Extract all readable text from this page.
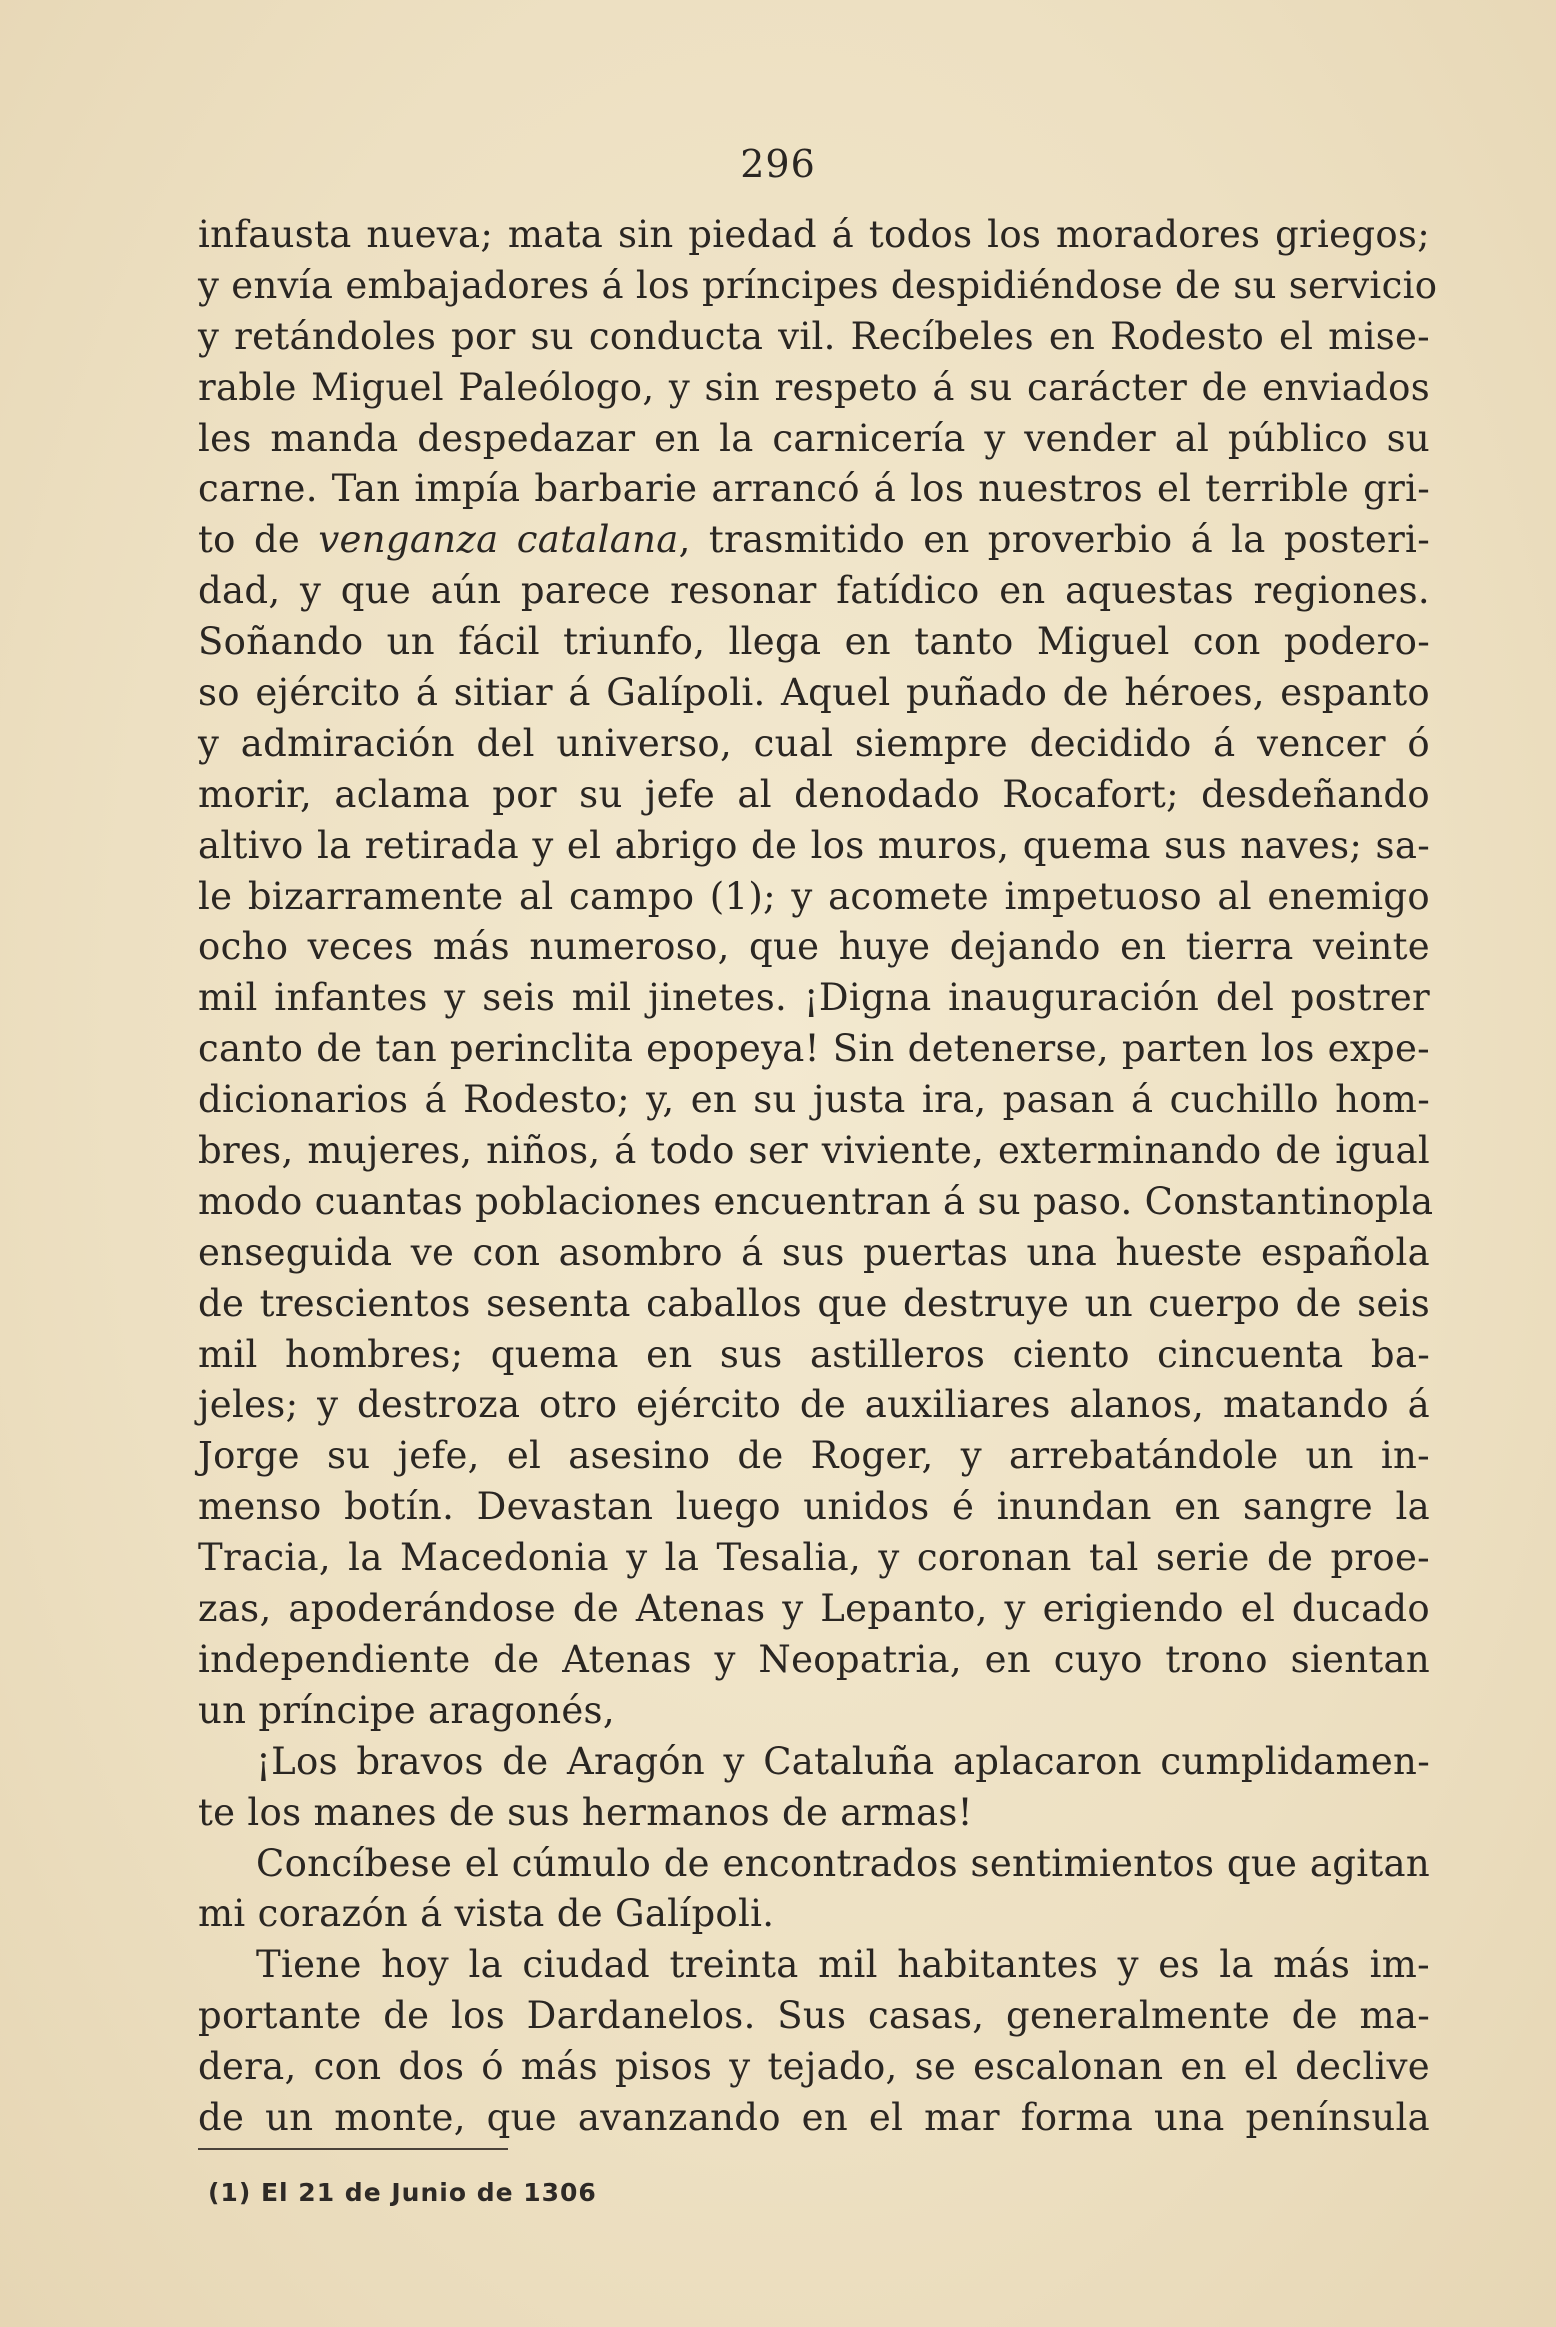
296
infausta nueva; mata sin piedad á todos los moradores griegos;
y envía embajadores á los príncipes despidiéndose de su servicio
y retándoles por su conducta vil. Recíbeles en Rodesto el mise-
rable Miguel Paleólogo, y sin respeto á su carácter de enviados
les manda despedazar en la carnicería y vender al público su
carne. Tan impía barbarie arrancó á los nuestros el terrible gri-
to de venganza catalana, trasmitido en proverbio á la posteri-
dad, y que aún parece resonar fatídico en aquestas regiones.
Soñando un fácil triunfo, llega en tanto Miguel con podero-
so ejército á sitiar á Galípoli. Aquel puñado de héroes, espanto
y admiración del universo, cual siempre decidido á vencer ó
morir, aclama por su jefe al denodado Rocafort; desdeñando
altivo la retirada y el abrigo de los muros, quema sus naves; sa-
le bizarramente al campo (1); y acomete impetuoso al enemigo
ocho veces más numeroso, que huye dejando en tierra veinte
mil infantes y seis mil jinetes. ¡Digna inauguración del postrer
canto de tan perinclita epopeya! Sin detenerse, parten los expe-
dicionarios á Rodesto; y, en su justa ira, pasan á cuchillo hom-
bres, mujeres, niños, á todo ser viviente, exterminando de igual
modo cuantas poblaciones encuentran á su paso. Constantinopla
enseguida ve con asombro á sus puertas una hueste española
de trescientos sesenta caballos que destruye un cuerpo de seis
mil hombres; quema en sus astilleros ciento cincuenta ba-
jeles; y destroza otro ejército de auxiliares alanos, matando á
Jorge su jefe, el asesino de Roger, y arrebatándole un in-
menso botín. Devastan luego unidos é inundan en sangre la
Tracia, la Macedonia y la Tesalia, y coronan tal serie de proe-
zas, apoderándose de Atenas y Lepanto, y erigiendo el ducado
independiente de Atenas y Neopatria, en cuyo trono sientan
un príncipe aragonés,
¡Los bravos de Aragón y Cataluña aplacaron cumplidamen-
te los manes de sus hermanos de armas!
Concíbese el cúmulo de encontrados sentimientos que agitan
mi corazón á vista de Galípoli.
Tiene hoy la ciudad treinta mil habitantes y es la más im-
portante de los Dardanelos. Sus casas, generalmente de ma-
dera, con dos ó más pisos y tejado, se escalonan en el declive
de un monte, que avanzando en el mar forma una península
(1) El 21 de Junio de 1306
